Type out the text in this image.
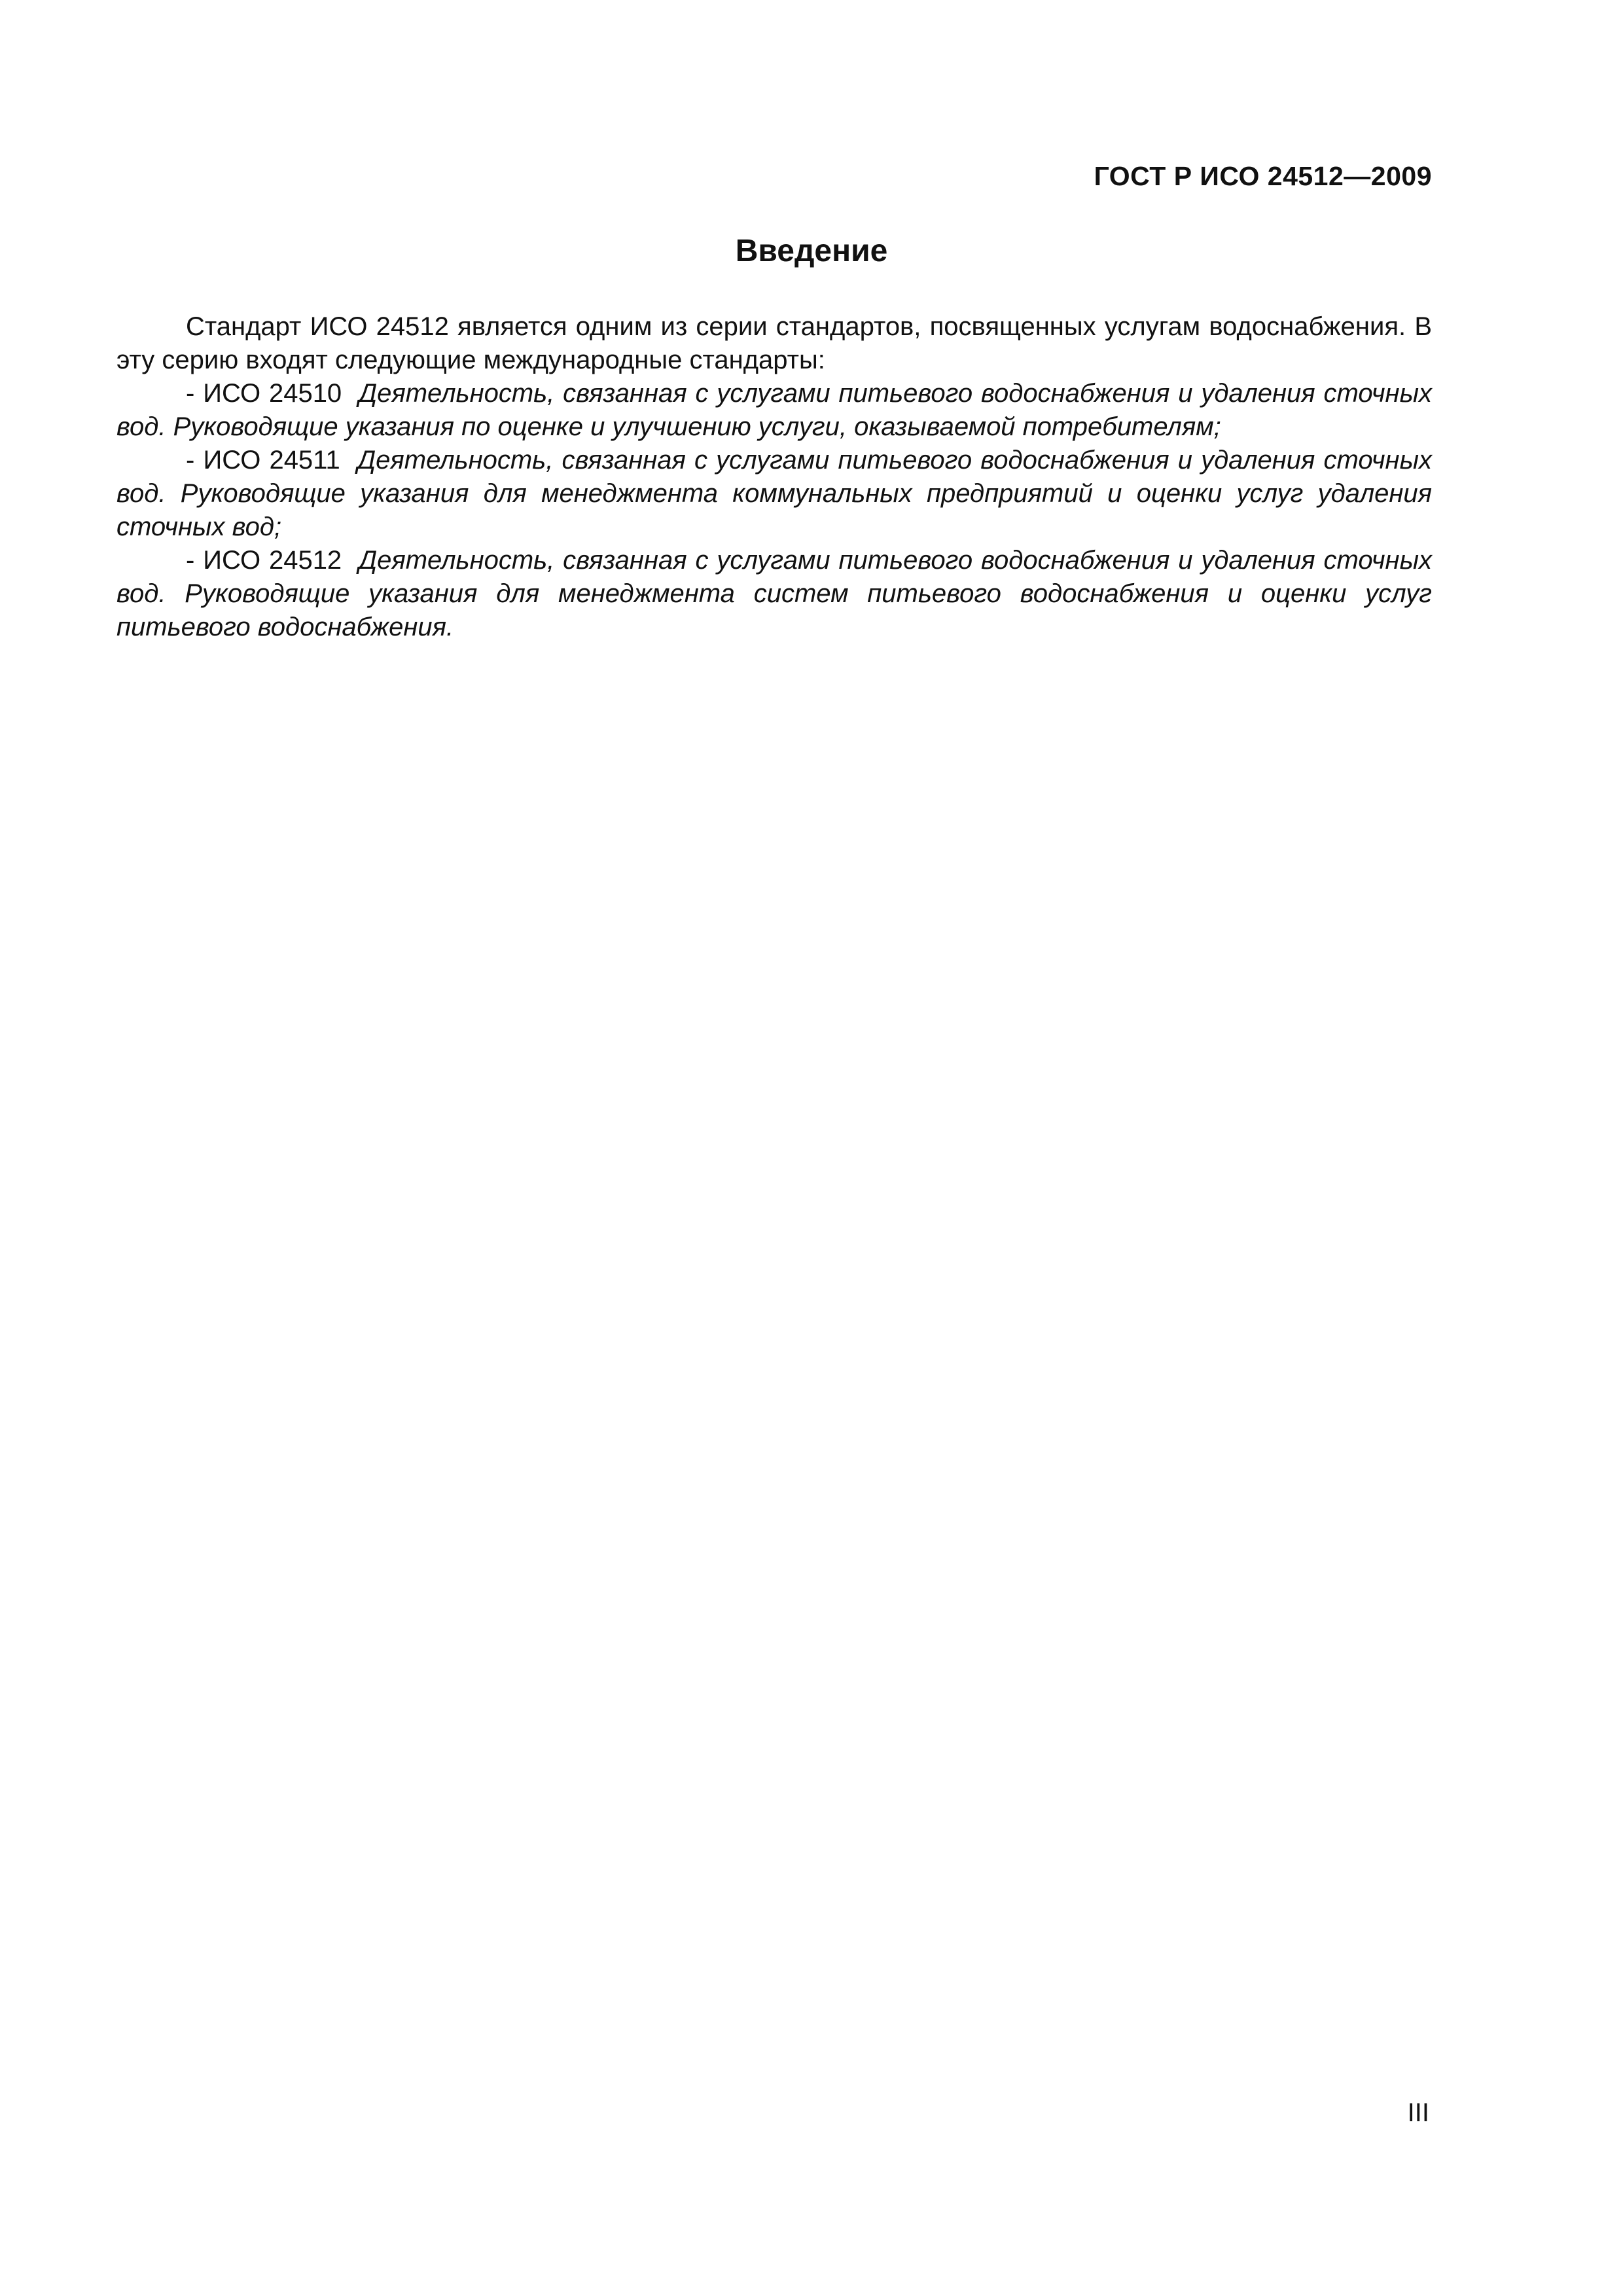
ГОСТ Р ИСО 24512—2009
Введение

Стандарт ИСО 24512 является одним из серии стандартов, посвященных услугам водоснабжения. В эту серию входят следующие международные стандарты:

- ИСО 24510 Деятельность, связанная с услугами питьевого водоснабжения и удаления сточных вод. Руководящие указания по оценке и улучшению услуги, оказываемой потребителям;

- ИСО 24511 Деятельность, связанная с услугами питьевого водоснабжения и удаления сточных вод. Руководящие указания для менеджмента коммунальных предприятий и оценки услуг удаления сточных вод;

- ИСО 24512 Деятельность, связанная с услугами питьевого водоснабжения и удаления сточных вод. Руководящие указания для менеджмента систем питьевого водоснабжения и оценки услуг питьевого водоснабжения.

III
